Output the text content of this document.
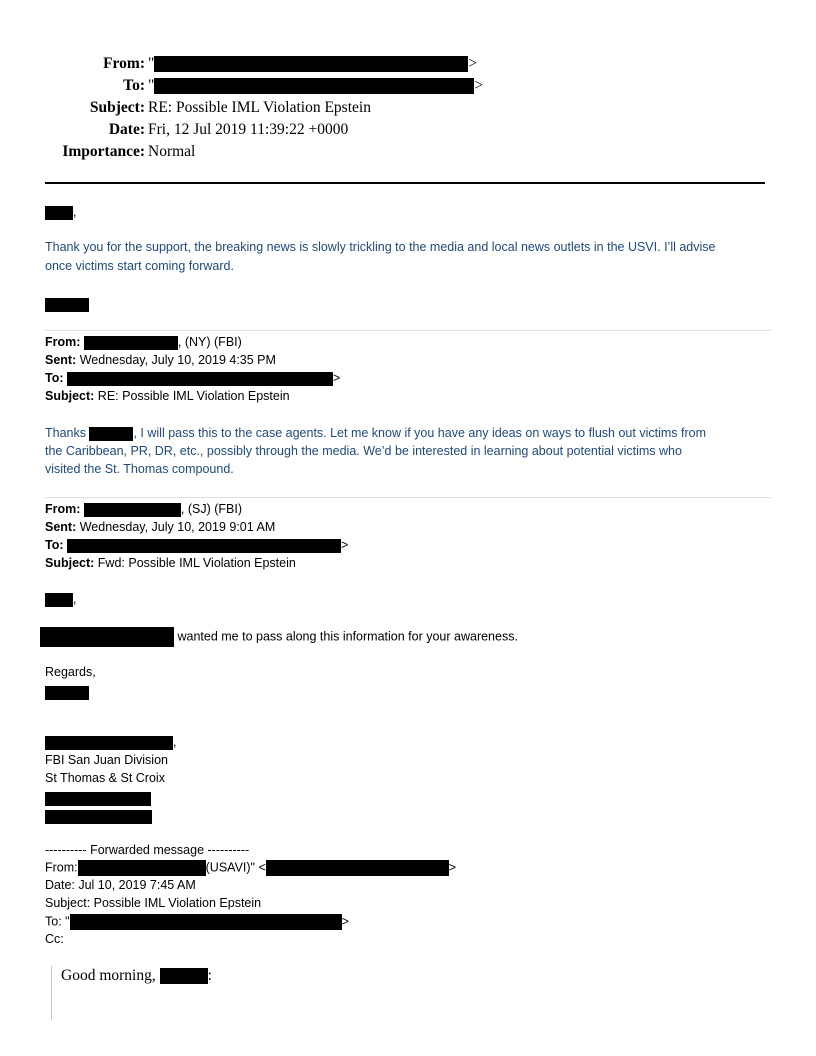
From: "	>
To: "	>
Subject: RE: Possible IML Violation Epstein
Date: Fri, 12 Jul 2019 11:39:22 +0000
Importance: Normal
,
Thank you for the support, the breaking news is slowly trickling to the media and local news outlets in the USVI. I’ll advise
once victims start coming forward.
From:	, (NY) (FBI)
Sent: Wednesday, July 10, 2019 4:35 PM
To:	>
Subject: RE: Possible IML Violation Epstein
Thanks	, I will pass this to the case agents. Let me know if you have any ideas on ways to flush out victims from
the Caribbean, PR, DR, etc., possibly through the media. We’d be interested in learning about potential victims who
visited the St. Thomas compound.
From:	, (SJ) (FBI)
Sent: Wednesday, July 10, 2019 9:01 AM
To:	>
Subject: Fwd: Possible IML Violation Epstein
,
wanted me to pass along this information for your awareness.
Regards,
,
FBI San Juan Division
St Thomas & St Croix
---------- Forwarded message ----------
From:	(USAVI)" <	>
Date: Jul 10, 2019 7:45 AM
Subject: Possible IML Violation Epstein
To: "	>
Cc:
Good morning,	:
